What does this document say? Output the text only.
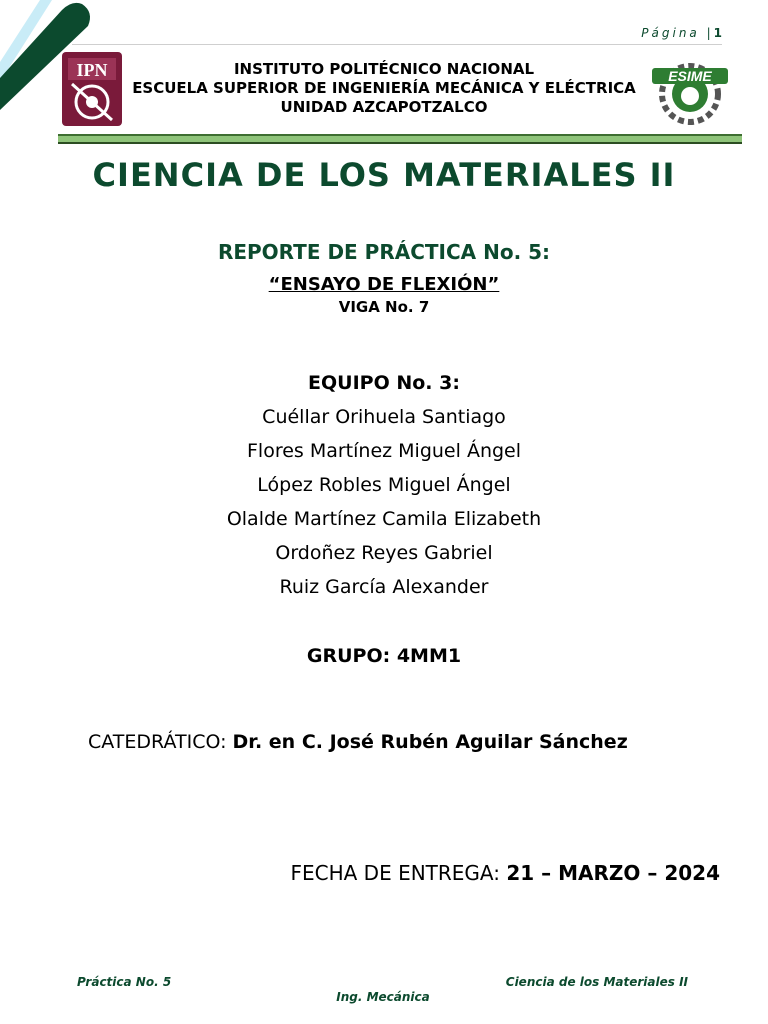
Página |1
IPN	ESIME
INSTITUTO POLITÉCNICO NACIONAL
ESCUELA SUPERIOR DE INGENIERÍA MECÁNICA Y ELÉCTRICA
UNIDAD AZCAPOTZALCO
CIENCIA DE LOS MATERIALES II
REPORTE DE PRÁCTICA No. 5:
“ENSAYO DE FLEXIÓN”
VIGA No. 7
EQUIPO No. 3:
Cuéllar Orihuela Santiago
Flores Martínez Miguel Ángel
López Robles Miguel Ángel
Olalde Martínez Camila Elizabeth
Ordoñez Reyes Gabriel
Ruiz García Alexander
GRUPO: 4MM1
CATEDRÁTICO: Dr. en C. José Rubén Aguilar Sánchez
FECHA DE ENTREGA: 21 – MARZO – 2024
Práctica No. 5	Ciencia de los Materiales II
Ing. Mecánica
